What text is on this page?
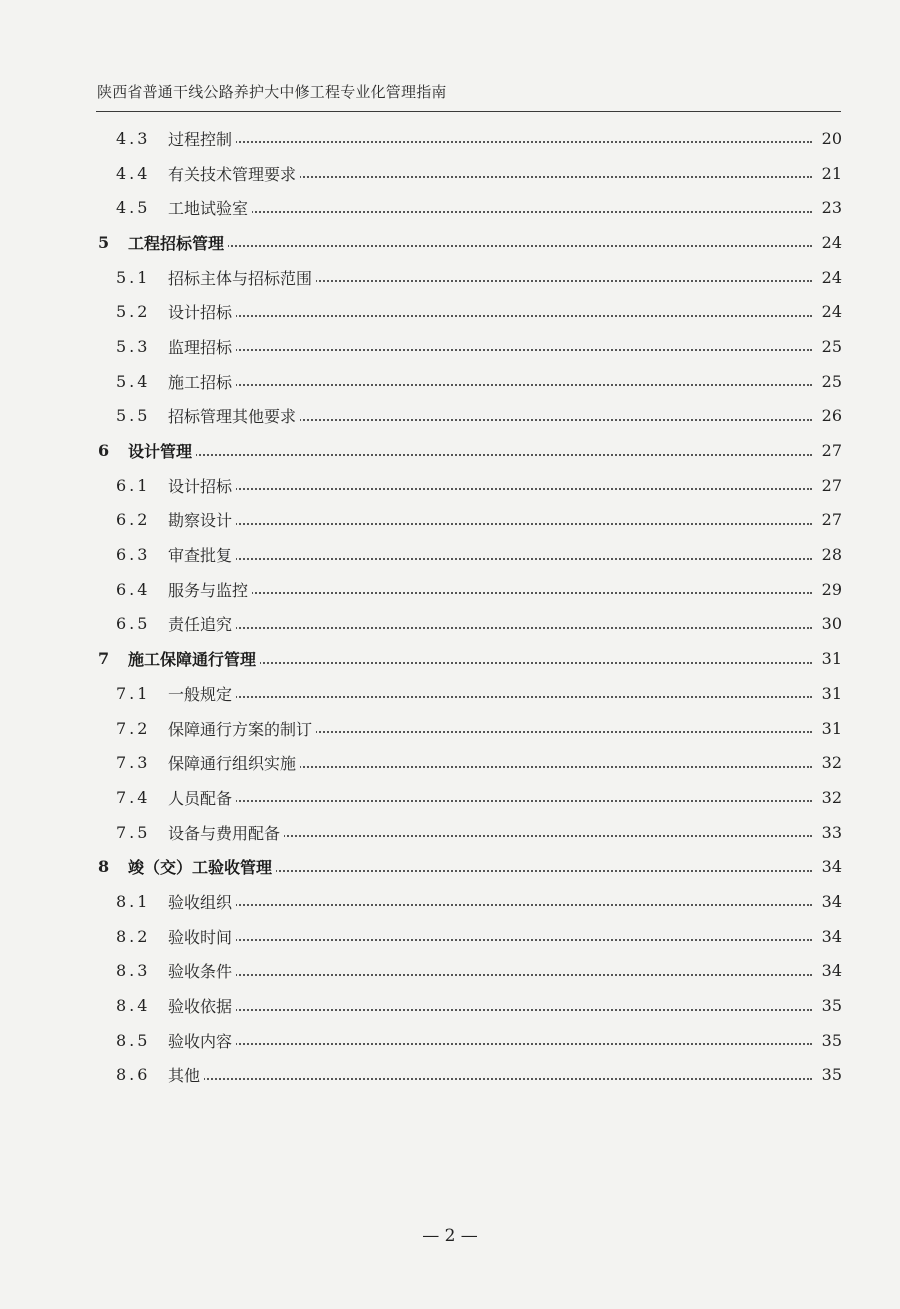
陕西省普通干线公路养护大中修工程专业化管理指南
4.3	过程控制	20
4.4	有关技术管理要求	21
4.5	工地试验室	23
5	工程招标管理	24
5.1	招标主体与招标范围	24
5.2	设计招标	24
5.3	监理招标	25
5.4	施工招标	25
5.5	招标管理其他要求	26
6	设计管理	27
6.1	设计招标	27
6.2	勘察设计	27
6.3	审查批复	28
6.4	服务与监控	29
6.5	责任追究	30
7	施工保障通行管理	31
7.1	一般规定	31
7.2	保障通行方案的制订	31
7.3	保障通行组织实施	32
7.4	人员配备	32
7.5	设备与费用配备	33
8	竣（交）工验收管理	34
8.1	验收组织	34
8.2	验收时间	34
8.3	验收条件	34
8.4	验收依据	35
8.5	验收内容	35
8.6	其他	35
— 2 —
